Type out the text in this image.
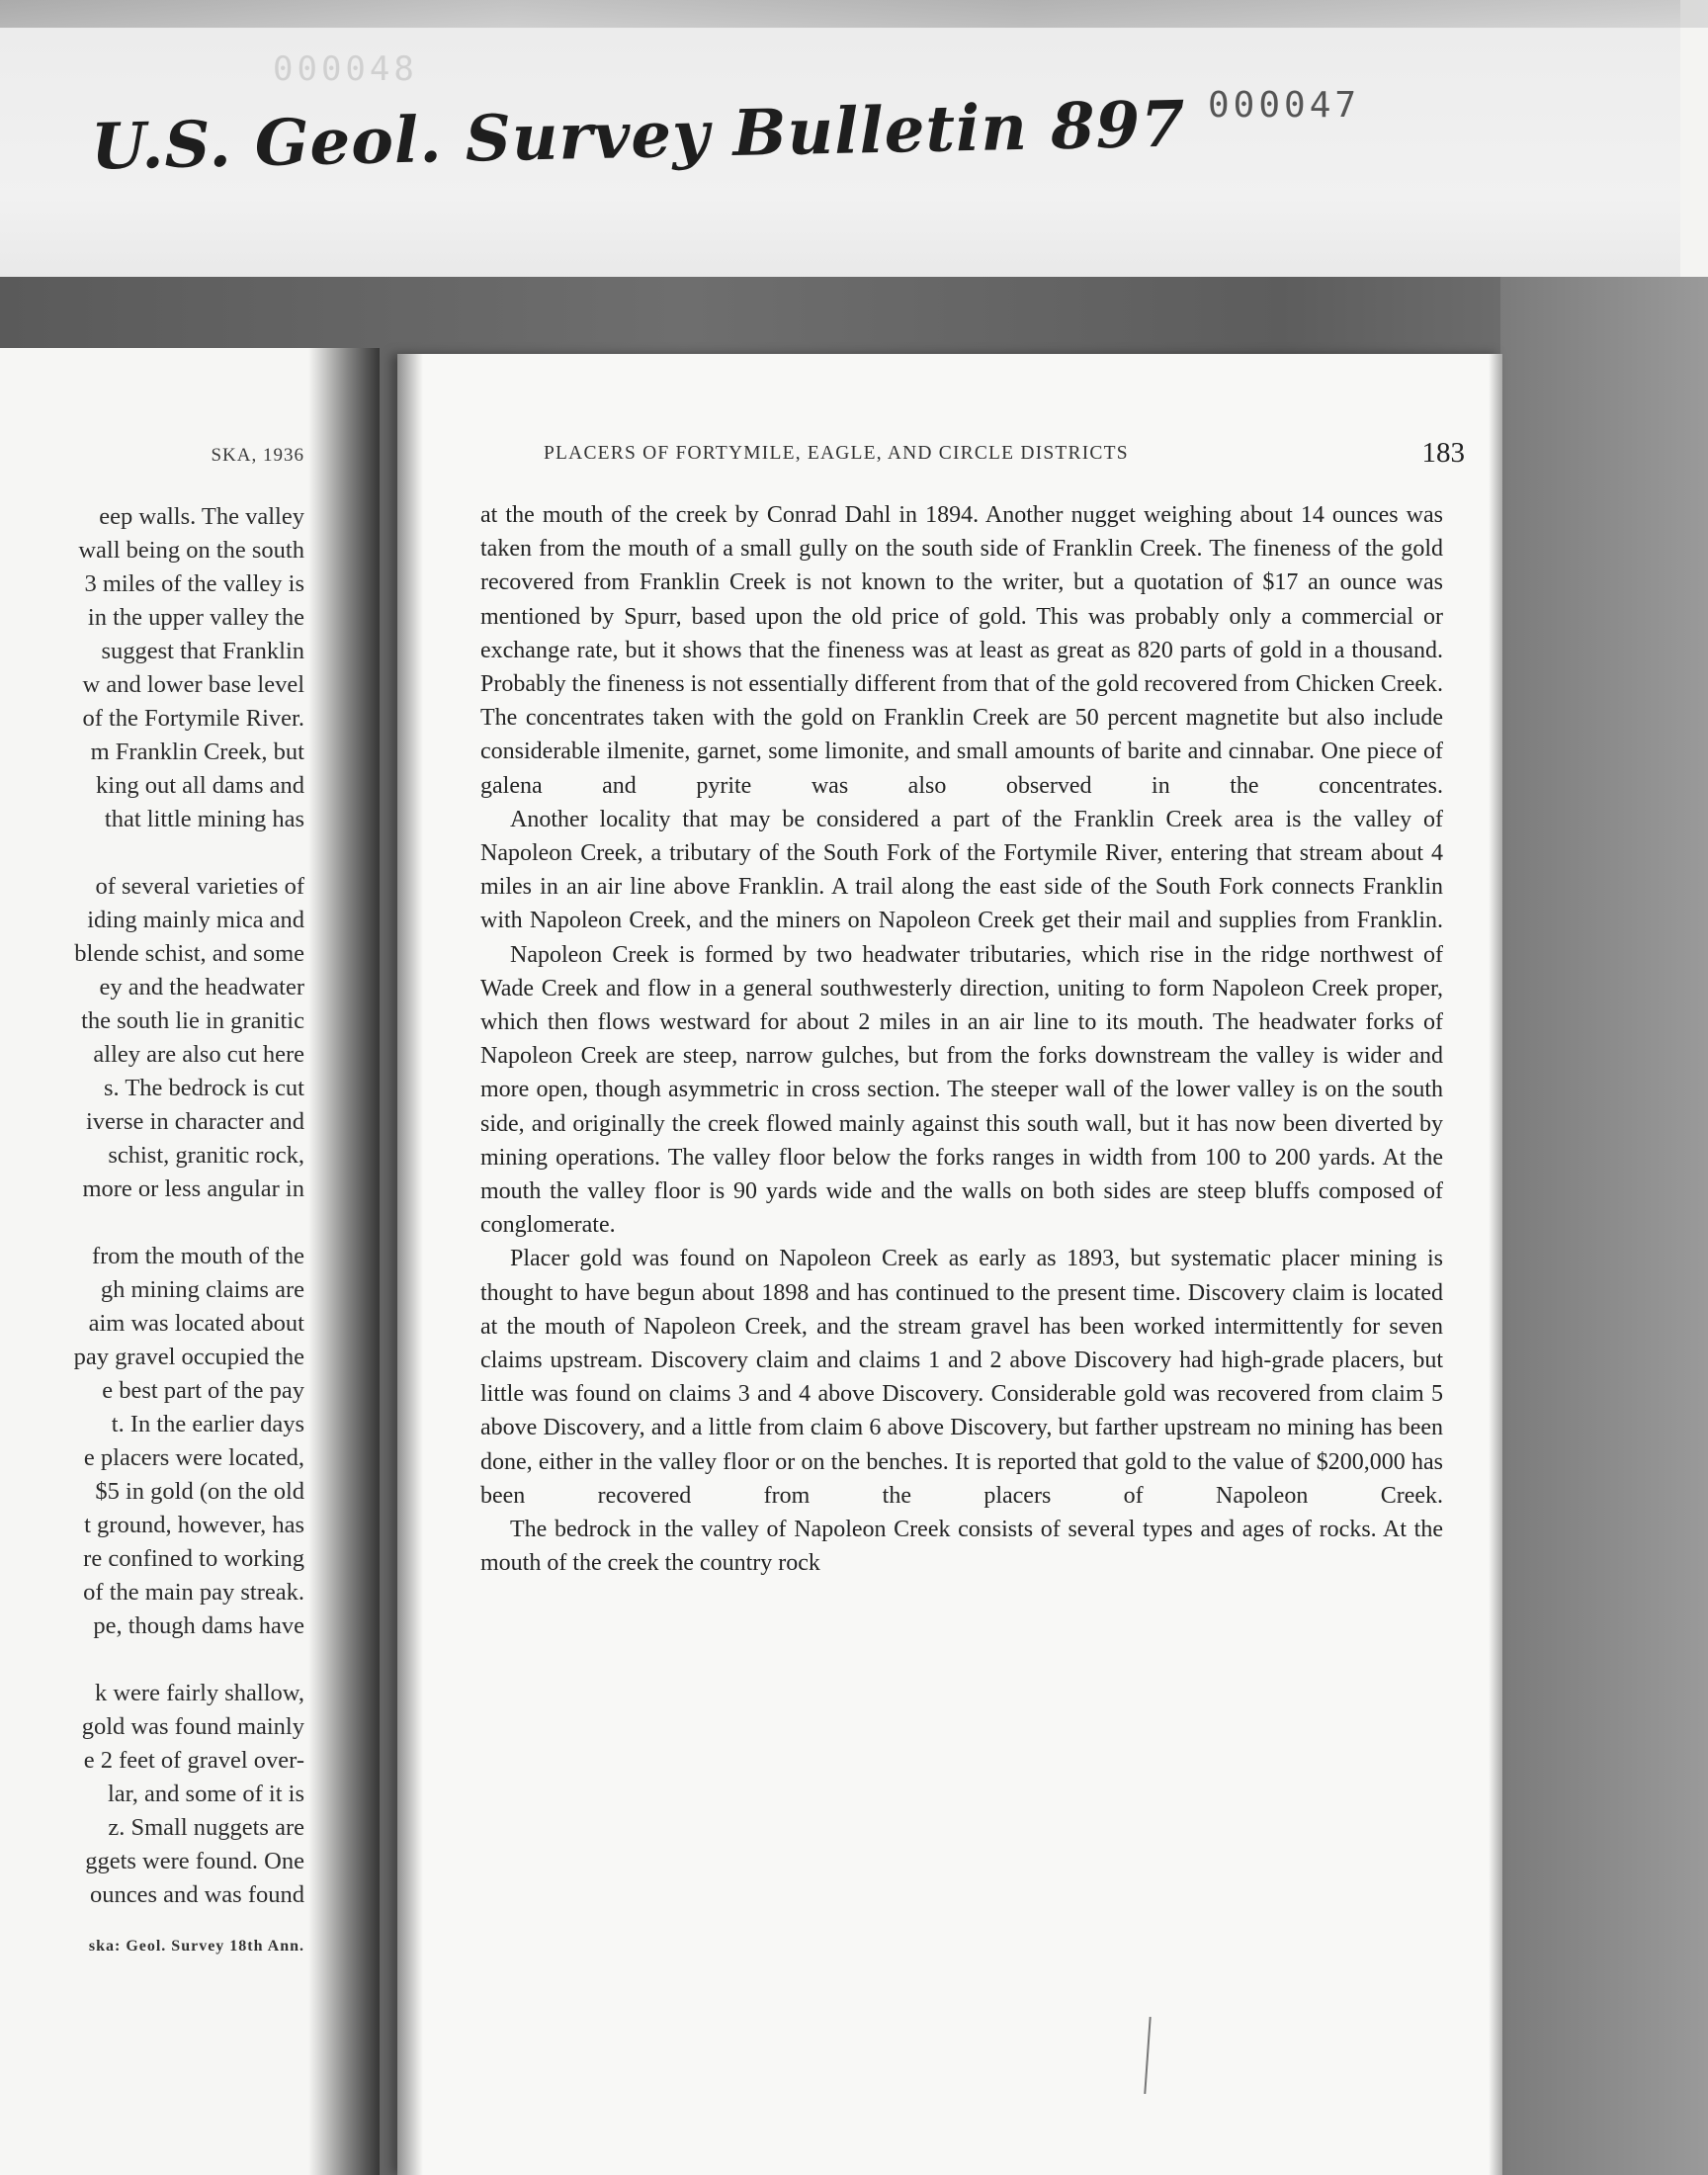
000048
U.S. Geol. Survey Bulletin 897 000047
SKA, 1936
eep walls. The valley
wall being on the south
3 miles of the valley is
in the upper valley the
suggest that Franklin
w and lower base level
of the Fortymile River.
m Franklin Creek, but
king out all dams and
that little mining has
of several varieties of
iding mainly mica and
blende schist, and some
ey and the headwater
the south lie in granitic
alley are also cut here
s. The bedrock is cut
iverse in character and
schist, granitic rock,
more or less angular in
from the mouth of the
gh mining claims are
aim was located about
pay gravel occupied the
e best part of the pay
t. In the earlier days
e placers were located,
$5 in gold (on the old
t ground, however, has
re confined to working
of the main pay streak.
pe, though dams have
k were fairly shallow,
gold was found mainly
e 2 feet of gravel over-
lar, and some of it is
z. Small nuggets are
ggets were found. One
ounces and was found
ska: Geol. Survey 18th Ann.
PLACERS OF FORTYMILE, EAGLE, AND CIRCLE DISTRICTS	183

at the mouth of the creek by Conrad Dahl in 1894. Another nugget weighing about 14 ounces was taken from the mouth of a small gully on the south side of Franklin Creek. The fineness of the gold recovered from Franklin Creek is not known to the writer, but a quotation of $17 an ounce was mentioned by Spurr, based upon the old price of gold. This was probably only a commercial or exchange rate, but it shows that the fineness was at least as great as 820 parts of gold in a thousand. Probably the fineness is not essentially different from that of the gold recovered from Chicken Creek. The concentrates taken with the gold on Franklin Creek are 50 percent magnetite but also include considerable ilmenite, garnet, some limonite, and small amounts of barite and cinnabar. One piece of galena and pyrite was also observed in the concentrates.

Another locality that may be considered a part of the Franklin Creek area is the valley of Napoleon Creek, a tributary of the South Fork of the Fortymile River, entering that stream about 4 miles in an air line above Franklin. A trail along the east side of the South Fork connects Franklin with Napoleon Creek, and the miners on Napoleon Creek get their mail and supplies from Franklin.

Napoleon Creek is formed by two headwater tributaries, which rise in the ridge northwest of Wade Creek and flow in a general southwesterly direction, uniting to form Napoleon Creek proper, which then flows westward for about 2 miles in an air line to its mouth. The headwater forks of Napoleon Creek are steep, narrow gulches, but from the forks downstream the valley is wider and more open, though asymmetric in cross section. The steeper wall of the lower valley is on the south side, and originally the creek flowed mainly against this south wall, but it has now been diverted by mining operations. The valley floor below the forks ranges in width from 100 to 200 yards. At the mouth the valley floor is 90 yards wide and the walls on both sides are steep bluffs composed of conglomerate.

Placer gold was found on Napoleon Creek as early as 1893, but systematic placer mining is thought to have begun about 1898 and has continued to the present time. Discovery claim is located at the mouth of Napoleon Creek, and the stream gravel has been worked intermittently for seven claims upstream. Discovery claim and claims 1 and 2 above Discovery had high-grade placers, but little was found on claims 3 and 4 above Discovery. Considerable gold was recovered from claim 5 above Discovery, and a little from claim 6 above Discovery, but farther upstream no mining has been done, either in the valley floor or on the benches. It is reported that gold to the value of $200,000 has been recovered from the placers of Napoleon Creek.

The bedrock in the valley of Napoleon Creek consists of several types and ages of rocks. At the mouth of the creek the country rock
